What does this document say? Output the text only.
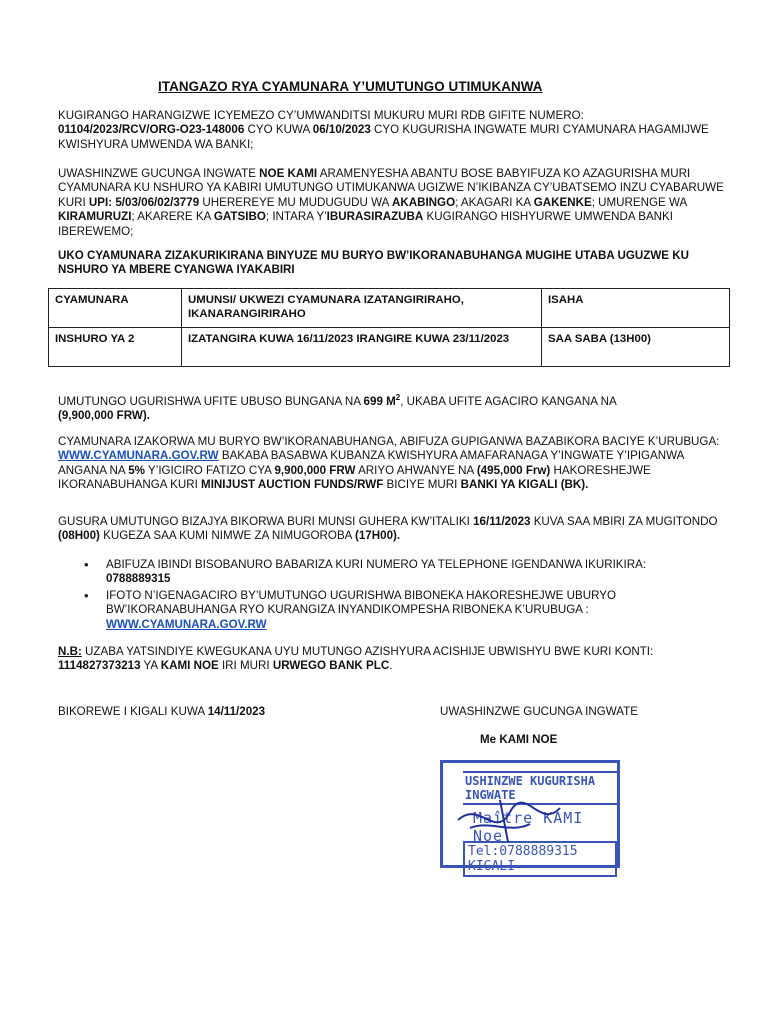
ITANGAZO RYA CYAMUNARA Y’UMUTUNGO UTIMUKANWA
KUGIRANGO HARANGIZWE ICYEMEZO CY’UMWANDITSI MUKURU MURI RDB GIFITE NUMERO:
01104/2023/RCV/ORG-O23-148006 CYO KUWA 06/10/2023 CYO KUGURISHA INGWATE MURI CYAMUNARA HAGAMIJWE KWISHYURA UMWENDA WA BANKI;
UWASHINZWE GUCUNGA INGWATE NOE KAMI ARAMENYESHA ABANTU BOSE BABYIFUZA KO AZAGURISHA MURI CYAMUNARA KU NSHURO YA KABIRI UMUTUNGO UTIMUKANWA UGIZWE N’IKIBANZA CY’UBATSEMO INZU CYABARUWE KURI UPI: 5/03/06/02/3779 UHEREREYE MU MUDUGUDU WA AKABINGO; AKAGARI KA GAKENKE; UMURENGE WA KIRAMURUZI; AKARERE KA GATSIBO; INTARA Y’IBURASIRAZUBA KUGIRANGO HISHYURWE UMWENDA BANKI IBEREWEMO;
UKO CYAMUNARA ZIZAKURIKIRANA BINYUZE MU BURYO BW’IKORANABUHANGA MUGIHE UTABA UGUZWE KU NSHURO YA MBERE CYANGWA IYAKABIRI
CYAMUNARA	UMUNSI/ UKWEZI CYAMUNARA IZATANGIRIRAHO, IKANARANGIRIRAHO	ISAHA
INSHURO YA 2	IZATANGIRA KUWA 16/11/2023 IRANGIRE KUWA 23/11/2023	SAA SABA (13H00)
UMUTUNGO UGURISHWA UFITE UBUSO BUNGANA NA 699 $M^2$, UKABA UFITE AGACIRO KANGANA NA
(9,900,000 FRW).
CYAMUNARA IZAKORWA MU BURYO BW’IKORANABUHANGA, ABIFUZA GUPIGANWA BAZABIKORA BACIYE K’URUBUGA: WWW.CYAMUNARA.GOV.RW BAKABA BASABWA KUBANZA KWISHYURA AMAFARANAGA Y’INGWATE Y’IPIGANWA ANGANA NA 5% Y’IGICIRO FATIZO CYA 9,900,000 FRW ARIYO AHWANYE NA (495,000 Frw) HAKORESHEJWE IKORANABUHANGA KURI MINIJUST AUCTION FUNDS/RWF BICIYE MURI BANKI YA KIGALI (BK).
GUSURA UMUTUNGO BIZAJYA BIKORWA BURI MUNSI GUHERA KW’ITALIKI 16/11/2023 KUVA SAA MBIRI ZA MUGITONDO (08H00) KUGEZA SAA KUMI NIMWE ZA NIMUGOROBA (17H00).
• ABIFUZA IBINDI BISOBANURO BABARIZA KURI NUMERO YA TELEPHONE IGENDANWA IKURIKIRA:
0788889315
• IFOTO N’IGENAGACIRO BY’UMUTUNGO UGURISHWA BIBONEKA HAKORESHEJWE UBURYO BW’IKORANABUHANGA RYO KURANGIZA INYANDIKOMPESHA RIBONEKA K’URUBUGA :
WWW.CYAMUNARA.GOV.RW
N.B: UZABA YATSINDIYE KWEGUKANA UYU MUTUNGO AZISHYURA ACISHIJE UBWISHYU BWE KURI KONTI:
1114827373213 YA KAMI NOE IRI MURI URWEGO BANK PLC.
BIKOREWE I KIGALI KUWA 14/11/2023	UWASHINZWE GUCUNGA INGWATE
Me KAMI NOE
USHINZWE KUGURISHA INGWATE
Maître KAMI Noe
Tel:0788889315 KIGALI
